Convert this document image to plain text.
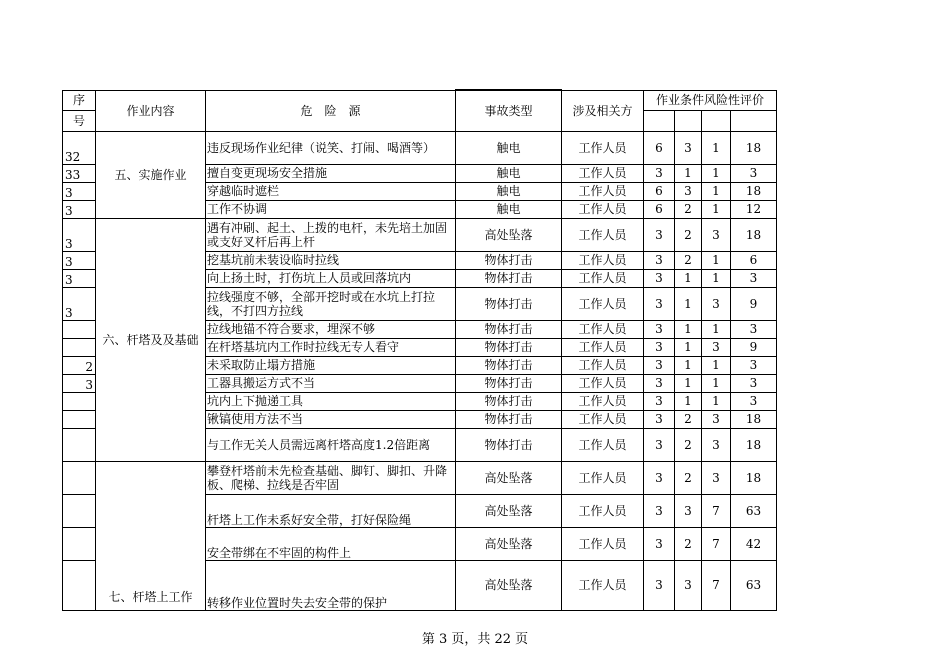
序	作业内容	危　险　源	事故类型	涉及相关方	作业条件风险性评价			
号								
32	五、实施作业	违反现场作业纪律（说笑、打闹、喝酒等）	触电	工作人员	6	3	1	18
33		擅自变更现场安全措施	触电	工作人员	3	1	1	3
3		穿越临时遮栏	触电	工作人员	6	3	1	18
3		工作不协调	触电	工作人员	6	2	1	12
3	六、杆塔及及基础	遇有冲刷、起土、上拨的电杆，未先培土加固或支好叉杆后再上杆	高处坠落	工作人员	3	2	3	18
3		挖基坑前未装设临时拉线	物体打击	工作人员	3	2	1	6
3		向上扬土时，打伤坑上人员或回落坑内	物体打击	工作人员	3	1	1	3
3		拉线强度不够，全部开挖时或在水坑上打拉线，不打四方拉线	物体打击	工作人员	3	1	3	9
		拉线地锚不符合要求，埋深不够	物体打击	工作人员	3	1	1	3
		在杆塔基坑内工作时拉线无专人看守	物体打击	工作人员	3	1	3	9
2		未采取防止塌方措施	物体打击	工作人员	3	1	1	3
3		工器具搬运方式不当	物体打击	工作人员	3	1	1	3
		坑内上下抛递工具	物体打击	工作人员	3	1	1	3
		锹镐使用方法不当	物体打击	工作人员	3	2	3	18
		与工作无关人员需远离杆塔高度1.2倍距离	物体打击	工作人员	3	2	3	18
	七、杆塔上工作	攀登杆塔前未先检查基础、脚钉、脚扣、升降板、爬梯、拉线是否牢固	高处坠落	工作人员	3	2	3	18
		杆塔上工作未系好安全带，打好保险绳	高处坠落	工作人员	3	3	7	63
		安全带绑在不牢固的构件上	高处坠落	工作人员	3	2	7	42
		转移作业位置时失去安全带的保护	高处坠落	工作人员	3	3	7	63
第 3 页，共 22 页
